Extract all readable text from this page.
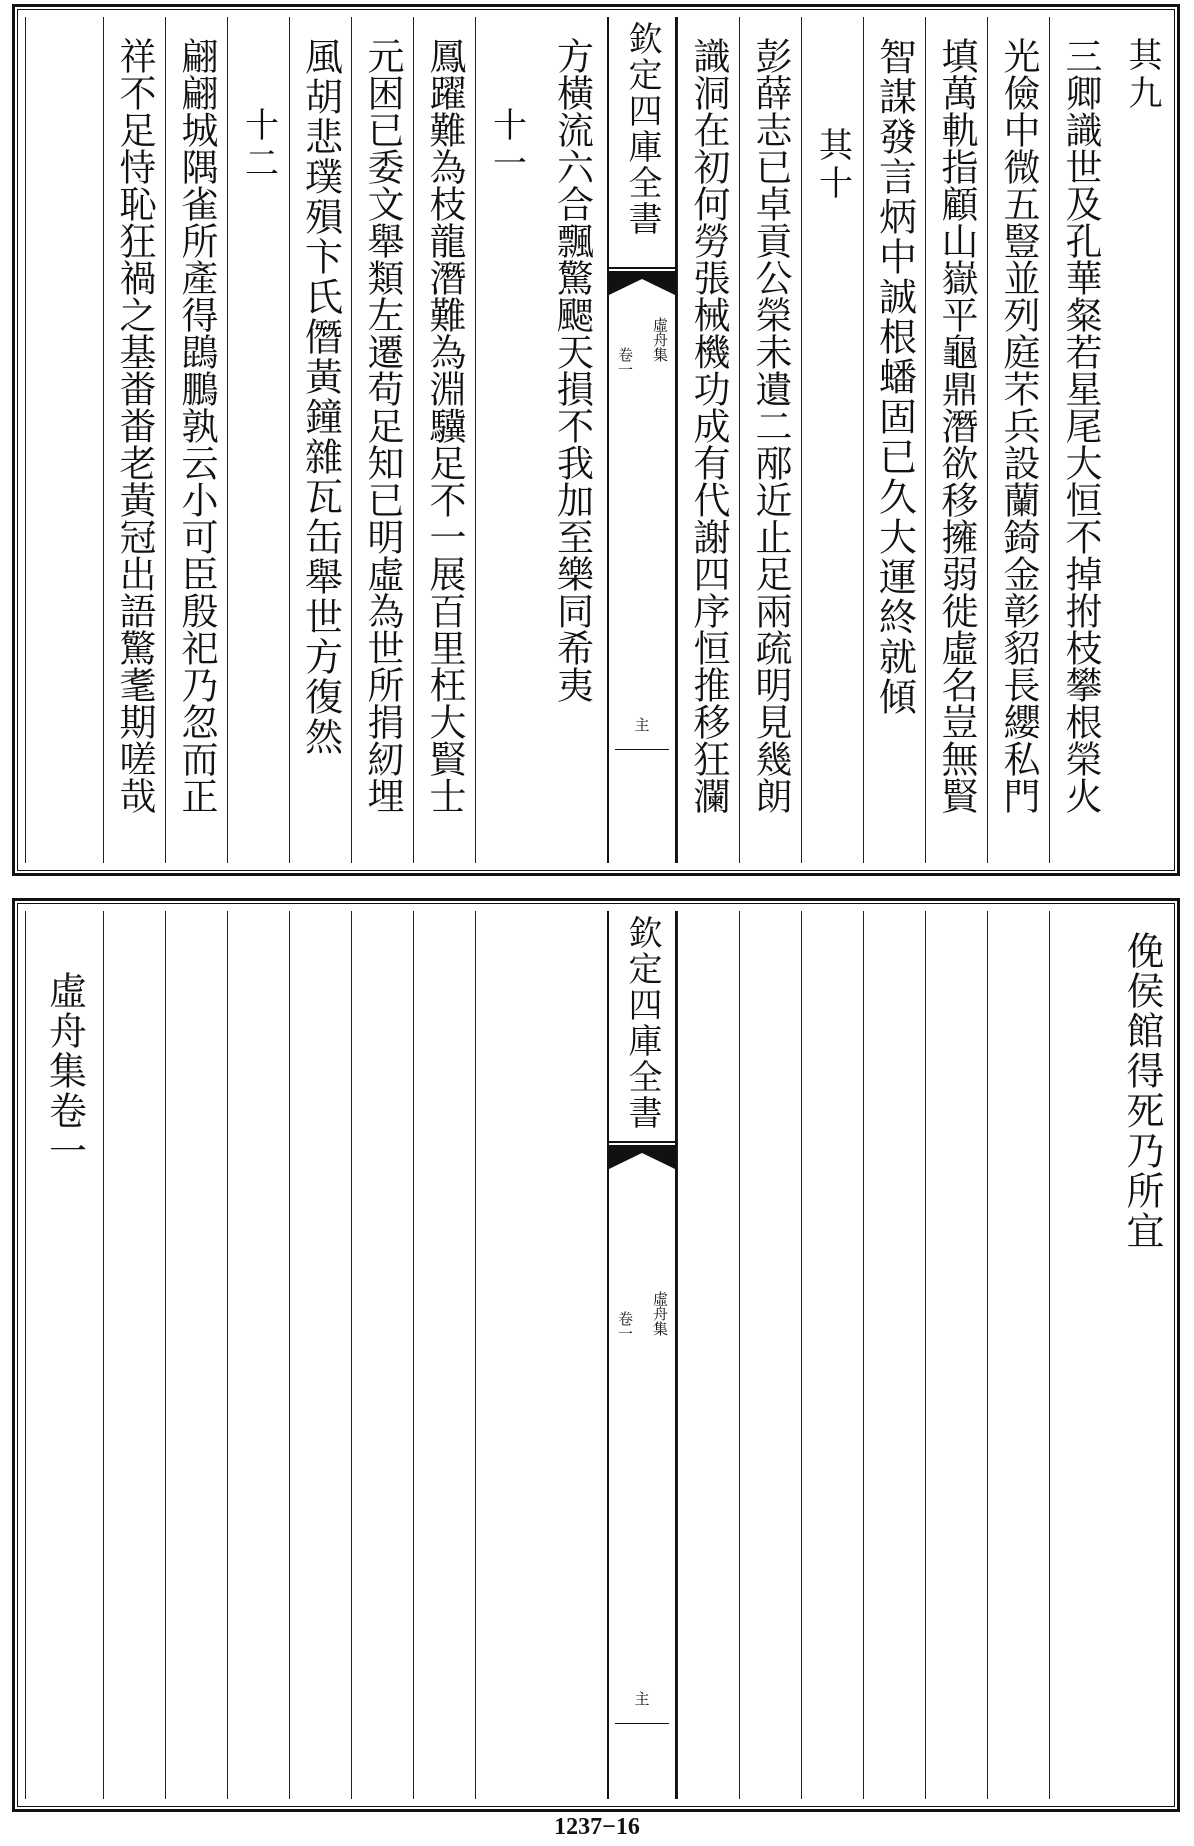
其九
三卿識世及孔華粲若星尾大恒不掉拊枝攀根榮火
光儉中微五豎並列庭芣兵設蘭錡金彰貂長纓私門
填萬軌指顧山嶽平龜鼎潛欲移擁弱徙虛名豈無賢
智謀發言炳中誠根蟠固已久大運終就傾
其十
彭薛志已卓貢公榮未遺二邴近止足兩疏明見幾朗
識洞在初何勞張械機功成有代謝四序恒推移狂瀾
欽定四庫全書
虛舟集
卷一
主
方橫流六合飄驚颸天損不我加至樂同希夷
十一
鳳躍難為枝龍潛難為淵驥足不一展百里枉大賢士
元困已委文舉類左遷苟足知已明虛為世所捐紉埋
風胡悲璞殞卞氏僭黃鐘雜瓦缶舉世方復然
十二
翩翩城隅雀所產得鵾鵬孰云小可臣殷祀乃忽而正
祥不足恃恥狂禍之基畨畨老黃冠出語驚耄期嗟哉
俛侯館得死乃所宜
欽定四庫全書
虛舟集
卷一
主
虛舟集卷一
1237−16
